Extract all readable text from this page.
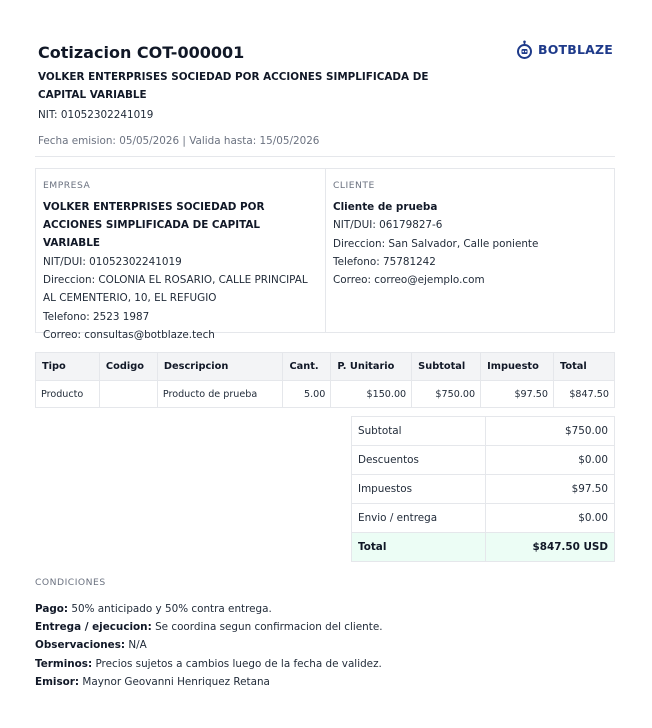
Cotizacion COT-000001
VOLKER ENTERPRISES SOCIEDAD POR ACCIONES SIMPLIFICADA DE CAPITAL VARIABLE
NIT: 01052302241019
Fecha emision: 05/05/2026 | Valida hasta: 15/05/2026
BOTBLAZE
EMPRESA
VOLKER ENTERPRISES SOCIEDAD POR ACCIONES SIMPLIFICADA DE CAPITAL VARIABLE
NIT/DUI: 01052302241019
Direccion: COLONIA EL ROSARIO, CALLE PRINCIPAL AL CEMENTERIO, 10, EL REFUGIO
Telefono: 2523 1987
Correo: consultas@botblaze.tech
CLIENTE
Cliente de prueba
NIT/DUI: 06179827-6
Direccion: San Salvador, Calle poniente
Telefono: 75781242
Correo: correo@ejemplo.com
Tipo	Codigo	Descripcion	Cant.	P. Unitario	Subtotal	Impuesto	Total
Producto		Producto de prueba	5.00	$150.00	$750.00	$97.50	$847.50
Subtotal	$750.00
Descuentos	$0.00
Impuestos	$97.50
Envio / entrega	$0.00
Total	$847.50 USD
CONDICIONES
Pago: 50% anticipado y 50% contra entrega.
Entrega / ejecucion: Se coordina segun confirmacion del cliente.
Observaciones: N/A
Terminos: Precios sujetos a cambios luego de la fecha de validez.
Emisor: Maynor Geovanni Henriquez Retana
